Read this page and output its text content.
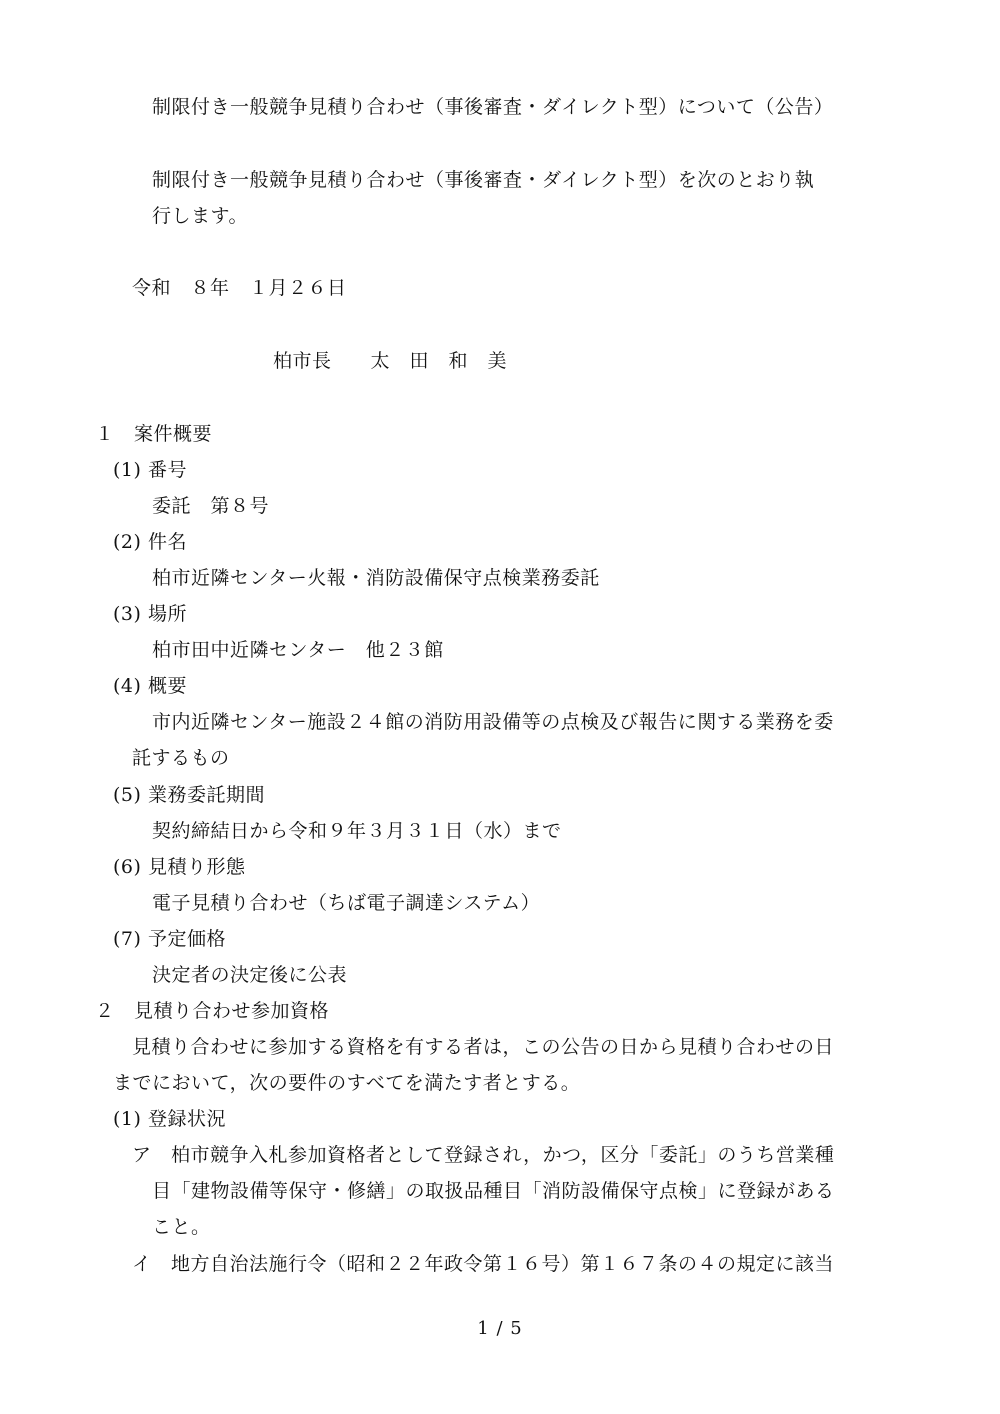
制限付き一般競争見積り合わせ（事後審査・ダイレクト型）について（公告）
制限付き一般競争見積り合わせ（事後審査・ダイレクト型）を次のとおり執
行します。
令和　８年　１月２６日
柏市長　　太　田　和　美
１　案件概要
(1) 番号
委託　第８号
(2) 件名
柏市近隣センター火報・消防設備保守点検業務委託
(3) 場所
柏市田中近隣センター　他２３館
(4) 概要
市内近隣センター施設２４館の消防用設備等の点検及び報告に関する業務を委
託するもの
(5) 業務委託期間
契約締結日から令和９年３月３１日（水）まで
(6) 見積り形態
電子見積り合わせ（ちば電子調達システム）
(7) 予定価格
決定者の決定後に公表
２　見積り合わせ参加資格
見積り合わせに参加する資格を有する者は，この公告の日から見積り合わせの日
までにおいて，次の要件のすべてを満たす者とする。
(1) 登録状況
ア　柏市競争入札参加資格者として登録され，かつ，区分「委託」のうち営業種
目「建物設備等保守・修繕」の取扱品種目「消防設備保守点検」に登録がある
こと。
イ　地方自治法施行令（昭和２２年政令第１６号）第１６７条の４の規定に該当
1 / 5
